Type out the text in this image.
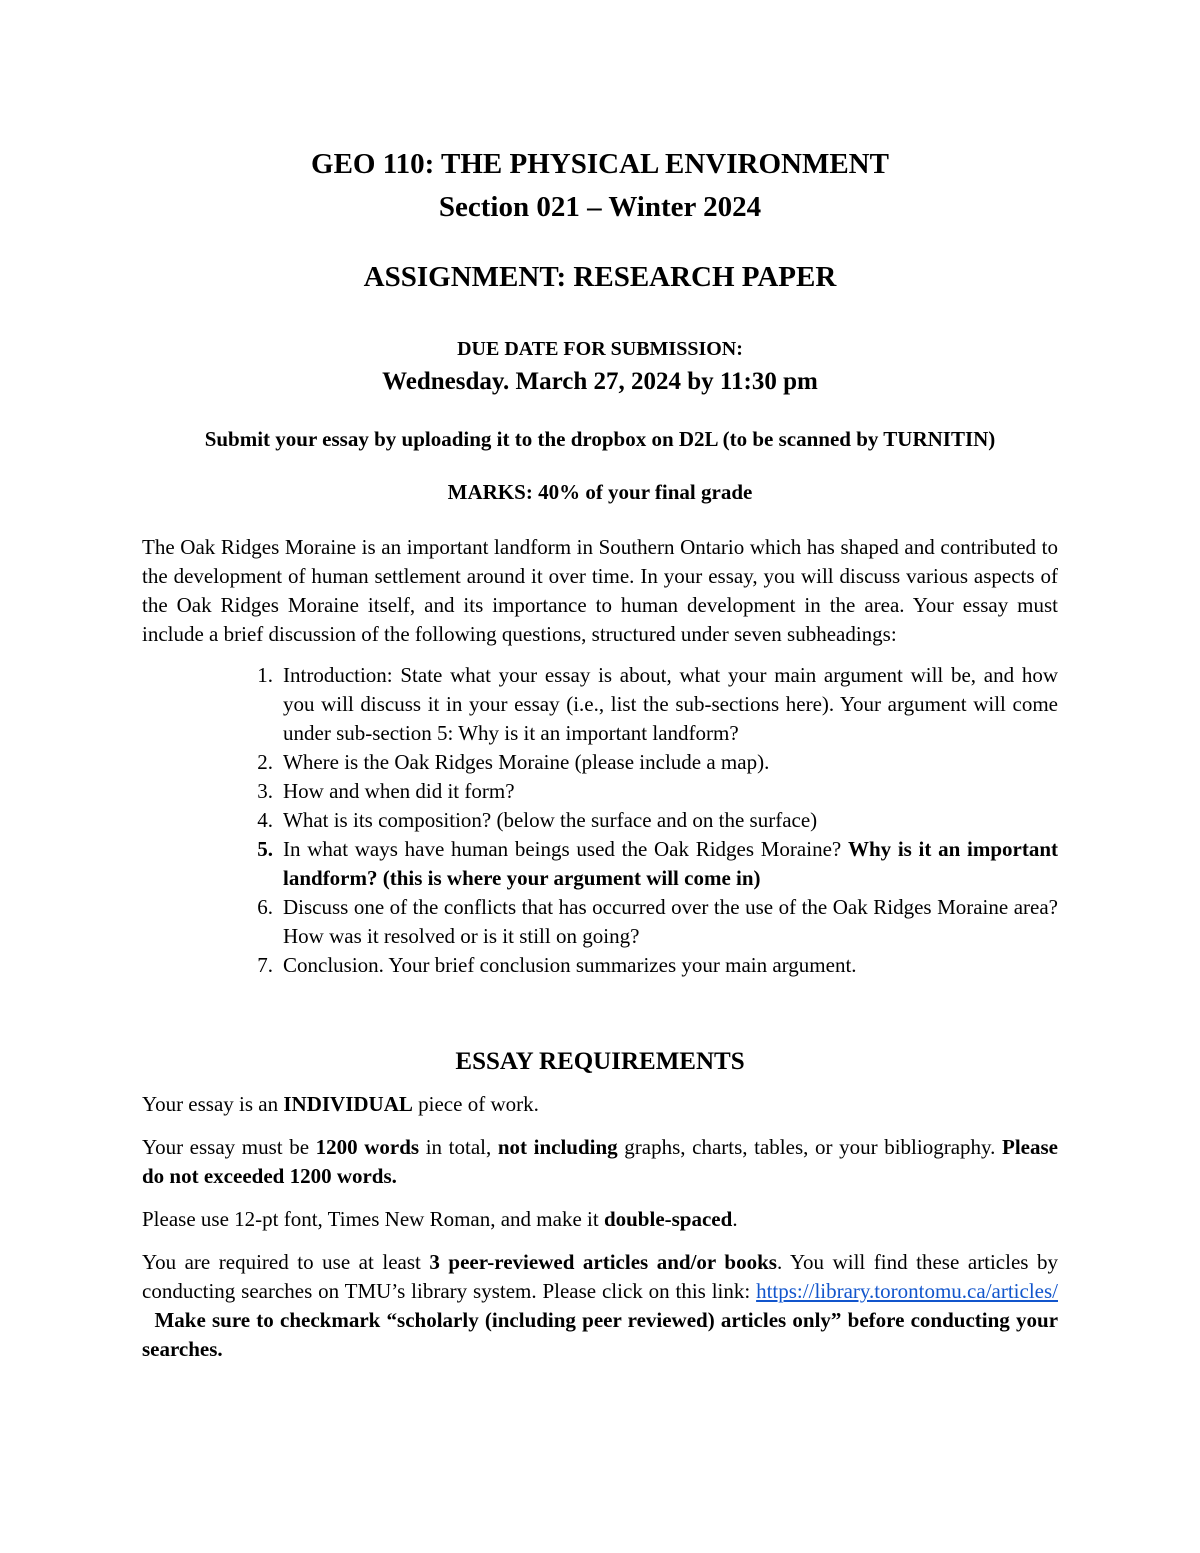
GEO 110: THE PHYSICAL ENVIRONMENT
Section 021 – Winter 2024
ASSIGNMENT: RESEARCH PAPER
DUE DATE FOR SUBMISSION:
Wednesday. March 27, 2024 by 11:30 pm
Submit your essay by uploading it to the dropbox on D2L (to be scanned by TURNITIN)
MARKS: 40% of your final grade

The Oak Ridges Moraine is an important landform in Southern Ontario which has shaped and contributed to the development of human settlement around it over time. In your essay, you will discuss various aspects of the Oak Ridges Moraine itself, and its importance to human development in the area. Your essay must include a brief discussion of the following questions, structured under seven subheadings:

1. Introduction: State what your essay is about, what your main argument will be, and how you will discuss it in your essay (i.e., list the sub-sections here). Your argument will come under sub-section 5: Why is it an important landform?
2. Where is the Oak Ridges Moraine (please include a map).
3. How and when did it form?
4. What is its composition? (below the surface and on the surface)
5. In what ways have human beings used the Oak Ridges Moraine? Why is it an important landform? (this is where your argument will come in)
6. Discuss one of the conflicts that has occurred over the use of the Oak Ridges Moraine area? How was it resolved or is it still on going?
7. Conclusion. Your brief conclusion summarizes your main argument.
ESSAY REQUIREMENTS

Your essay is an INDIVIDUAL piece of work.

Your essay must be 1200 words in total, not including graphs, charts, tables, or your bibliography. Please do not exceeded 1200 words.

Please use 12-pt font, Times New Roman, and make it double-spaced.

You are required to use at least 3 peer-reviewed articles and/or books. You will find these articles by conducting searches on TMU’s library system. Please click on this link: https://library.torontomu.ca/articles/  Make sure to checkmark “scholarly (including peer reviewed) articles only” before conducting your searches.
